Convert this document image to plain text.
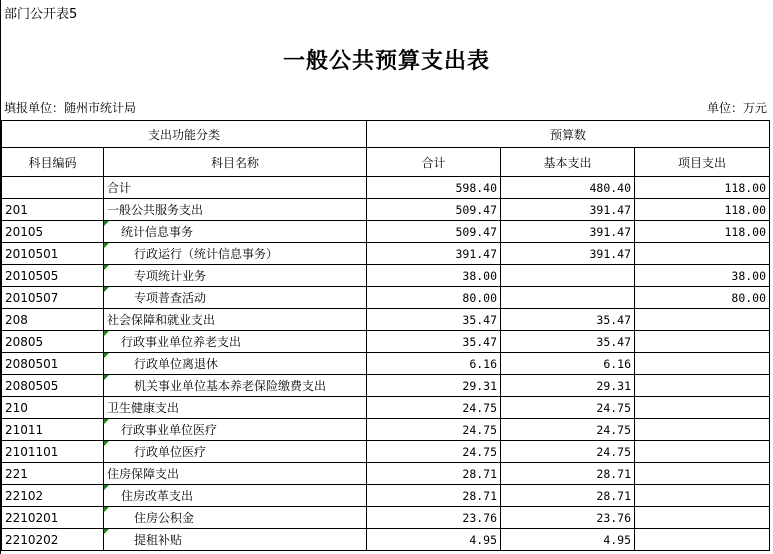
部门公开表5
一般公共预算支出表
填报单位：随州市统计局	单位：万元
支出功能分类		预算数		
科目编码	科目名称	合计	基本支出	项目支出
	合计	598.40	480.40	118.00
201	一般公共服务支出	509.47	391.47	118.00
20105	统计信息事务	509.47	391.47	118.00
2010501	行政运行（统计信息事务）	391.47	391.47	
2010505	专项统计业务	38.00		38.00
2010507	专项普查活动	80.00		80.00
208	社会保障和就业支出	35.47	35.47	
20805	行政事业单位养老支出	35.47	35.47	
2080501	行政单位离退休	6.16	6.16	
2080505	机关事业单位基本养老保险缴费支出	29.31	29.31	
210	卫生健康支出	24.75	24.75	
21011	行政事业单位医疗	24.75	24.75	
2101101	行政单位医疗	24.75	24.75	
221	住房保障支出	28.71	28.71	
22102	住房改革支出	28.71	28.71	
2210201	住房公积金	23.76	23.76	
2210202	提租补贴	4.95	4.95	
